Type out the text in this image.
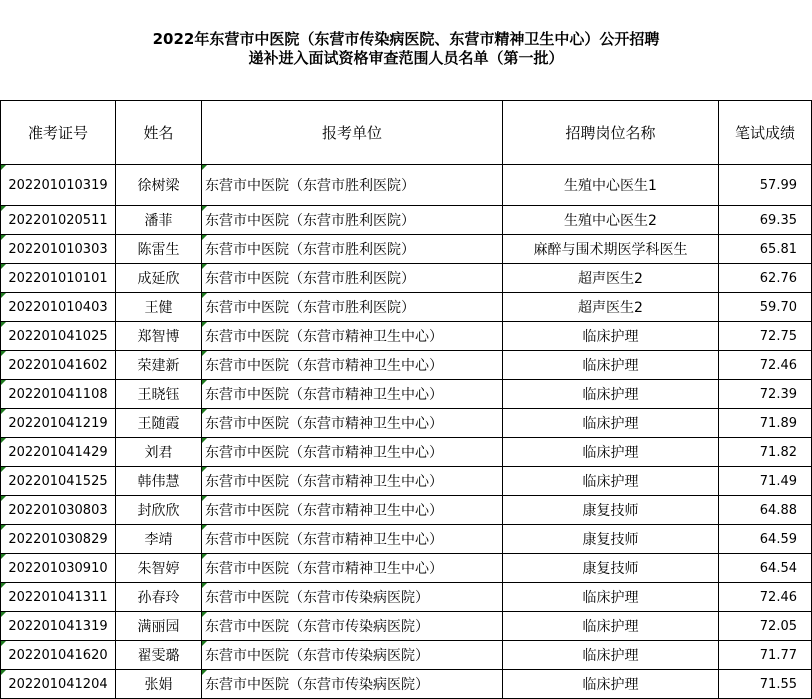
2022年东营市中医院（东营市传染病医院、东营市精神卫生中心）公开招聘
递补进入面试资格审查范围人员名单（第一批）
准考证号	姓名	报考单位	招聘岗位名称	笔试成绩
202201010319	徐树梁	东营市中医院（东营市胜利医院）	生殖中心医生1	57.99
202201020511	潘菲	东营市中医院（东营市胜利医院）	生殖中心医生2	69.35
202201010303	陈雷生	东营市中医院（东营市胜利医院）	麻醉与围术期医学科医生	65.81
202201010101	成延欣	东营市中医院（东营市胜利医院）	超声医生2	62.76
202201010403	王健	东营市中医院（东营市胜利医院）	超声医生2	59.70
202201041025	郑智博	东营市中医院（东营市精神卫生中心）	临床护理	72.75
202201041602	荣建新	东营市中医院（东营市精神卫生中心）	临床护理	72.46
202201041108	王晓钰	东营市中医院（东营市精神卫生中心）	临床护理	72.39
202201041219	王随霞	东营市中医院（东营市精神卫生中心）	临床护理	71.89
202201041429	刘君	东营市中医院（东营市精神卫生中心）	临床护理	71.82
202201041525	韩伟慧	东营市中医院（东营市精神卫生中心）	临床护理	71.49
202201030803	封欣欣	东营市中医院（东营市精神卫生中心）	康复技师	64.88
202201030829	李靖	东营市中医院（东营市精神卫生中心）	康复技师	64.59
202201030910	朱智婷	东营市中医院（东营市精神卫生中心）	康复技师	64.54
202201041311	孙春玲	东营市中医院（东营市传染病医院）	临床护理	72.46
202201041319	满丽园	东营市中医院（东营市传染病医院）	临床护理	72.05
202201041620	翟雯璐	东营市中医院（东营市传染病医院）	临床护理	71.77
202201041204	张娟	东营市中医院（东营市传染病医院）	临床护理	71.55
